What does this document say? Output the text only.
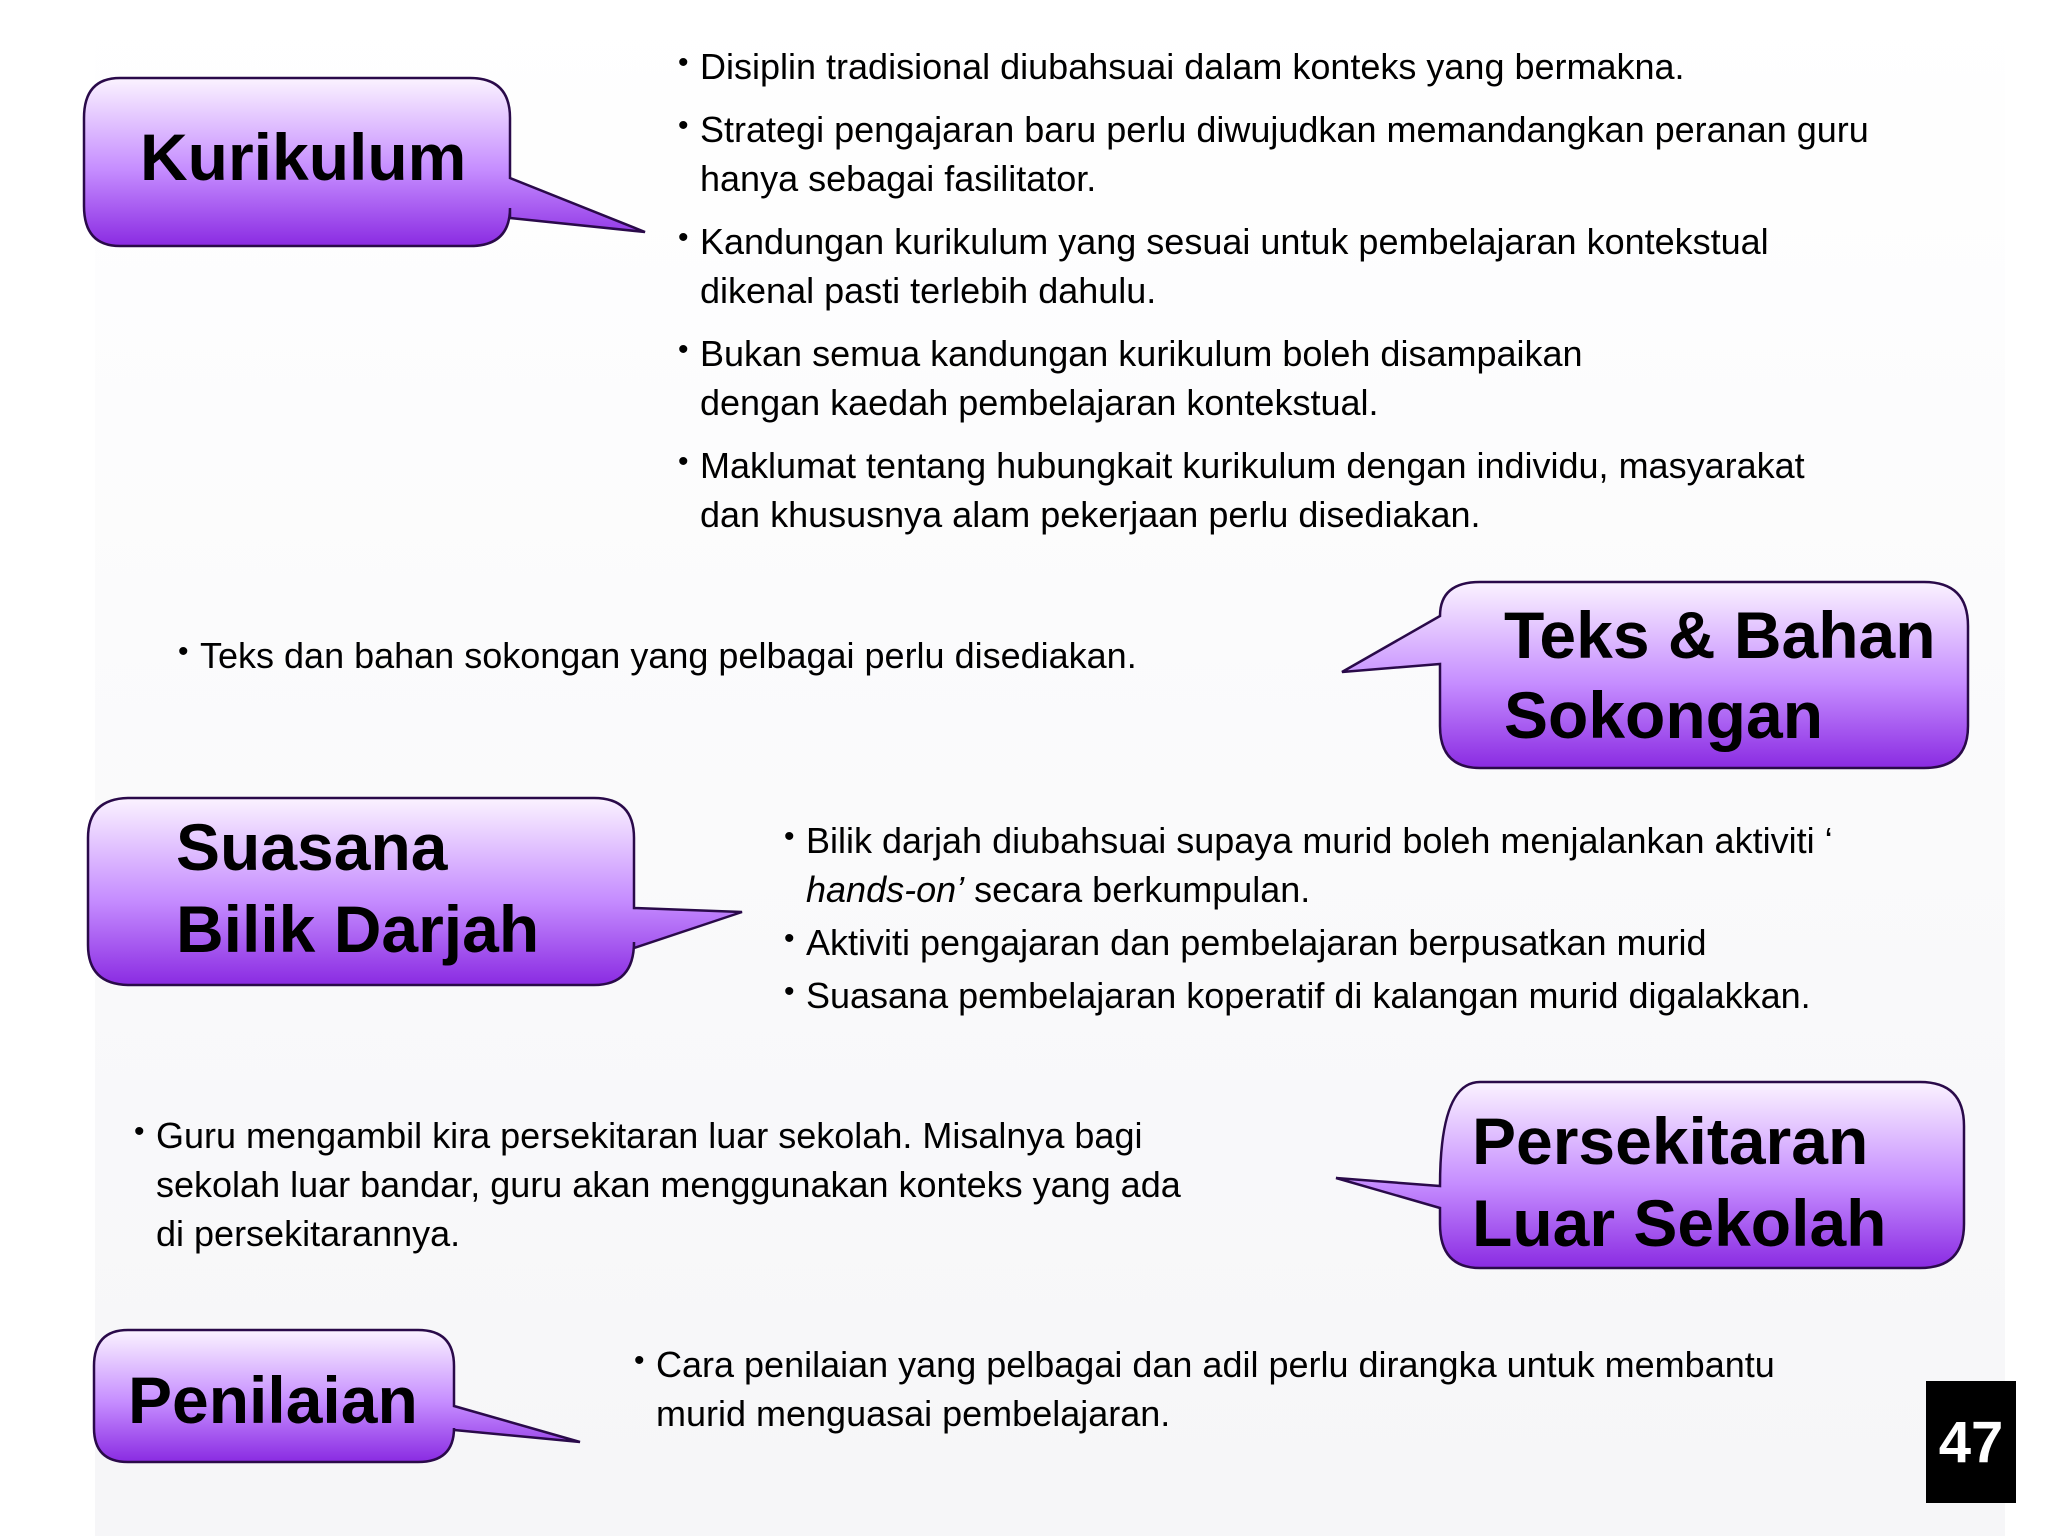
Kurikulum
Teks & Bahan
Sokongan
Suasana
Bilik Darjah
Persekitaran
Luar Sekolah
Penilaian
• Disiplin tradisional diubahsuai dalam konteks yang bermakna.
• Strategi pengajaran baru perlu diwujudkan memandangkan peranan guru hanya sebagai fasilitator.
• Kandungan kurikulum yang sesuai untuk pembelajaran kontekstual dikenal pasti terlebih dahulu.
• Bukan semua kandungan kurikulum boleh disampaikan dengan kaedah pembelajaran kontekstual.
• Maklumat tentang hubungkait kurikulum dengan individu, masyarakat dan khususnya alam pekerjaan perlu disediakan.
• Teks dan bahan sokongan yang pelbagai perlu disediakan.
• Bilik darjah diubahsuai supaya murid boleh menjalankan aktiviti ‘ hands-on’ secara berkumpulan.
• Aktiviti pengajaran dan pembelajaran berpusatkan murid
• Suasana pembelajaran koperatif di kalangan murid digalakkan.
• Guru mengambil kira persekitaran luar sekolah. Misalnya bagi sekolah luar bandar, guru akan menggunakan konteks yang ada di persekitarannya.
• Cara penilaian yang pelbagai dan adil perlu dirangka untuk membantu murid menguasai pembelajaran.	47
